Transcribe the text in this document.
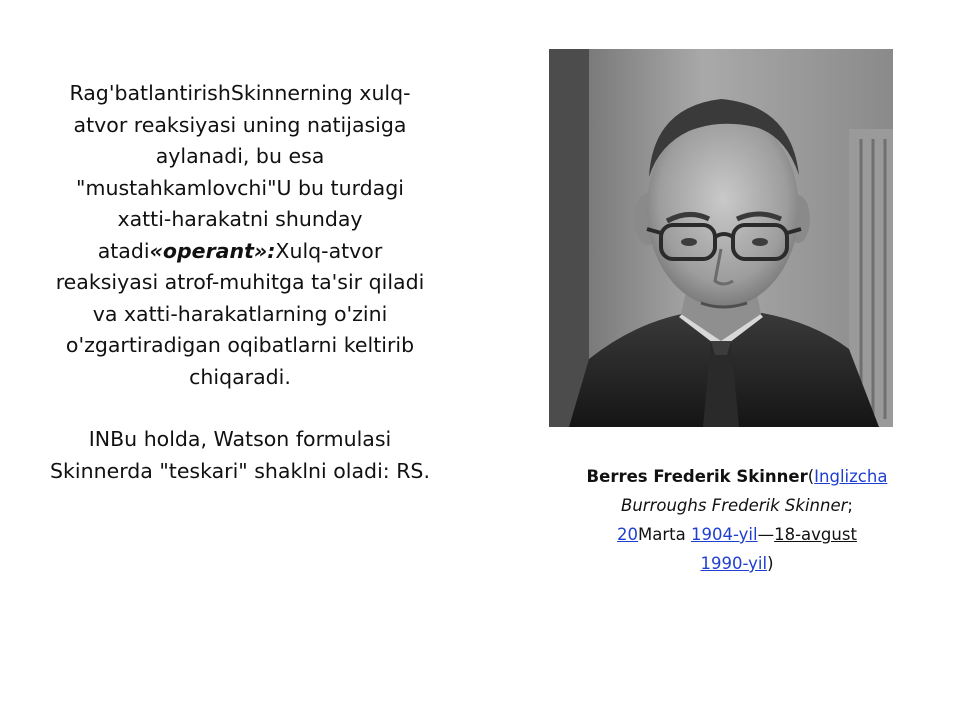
Rag'batlantirishSkinnerning xulq-atvor reaksiyasi uning natijasiga aylanadi, bu esa "mustahkamlovchi"U bu turdagi xatti-harakatni shunday atadi«operant»:Xulq-atvor reaksiyasi atrof-muhitga ta'sir qiladi va xatti-harakatlarning o'zini o'zgartiradigan oqibatlarni keltirib chiqaradi.

INBu holda, Watson formulasi Skinnerda "teskari" shaklni oladi: RS.	Berres Frederik Skinner(Inglizcha
Burroughs Frederik Skinner;
20Marta 1904-yil—18-avgust
1990-yil)
